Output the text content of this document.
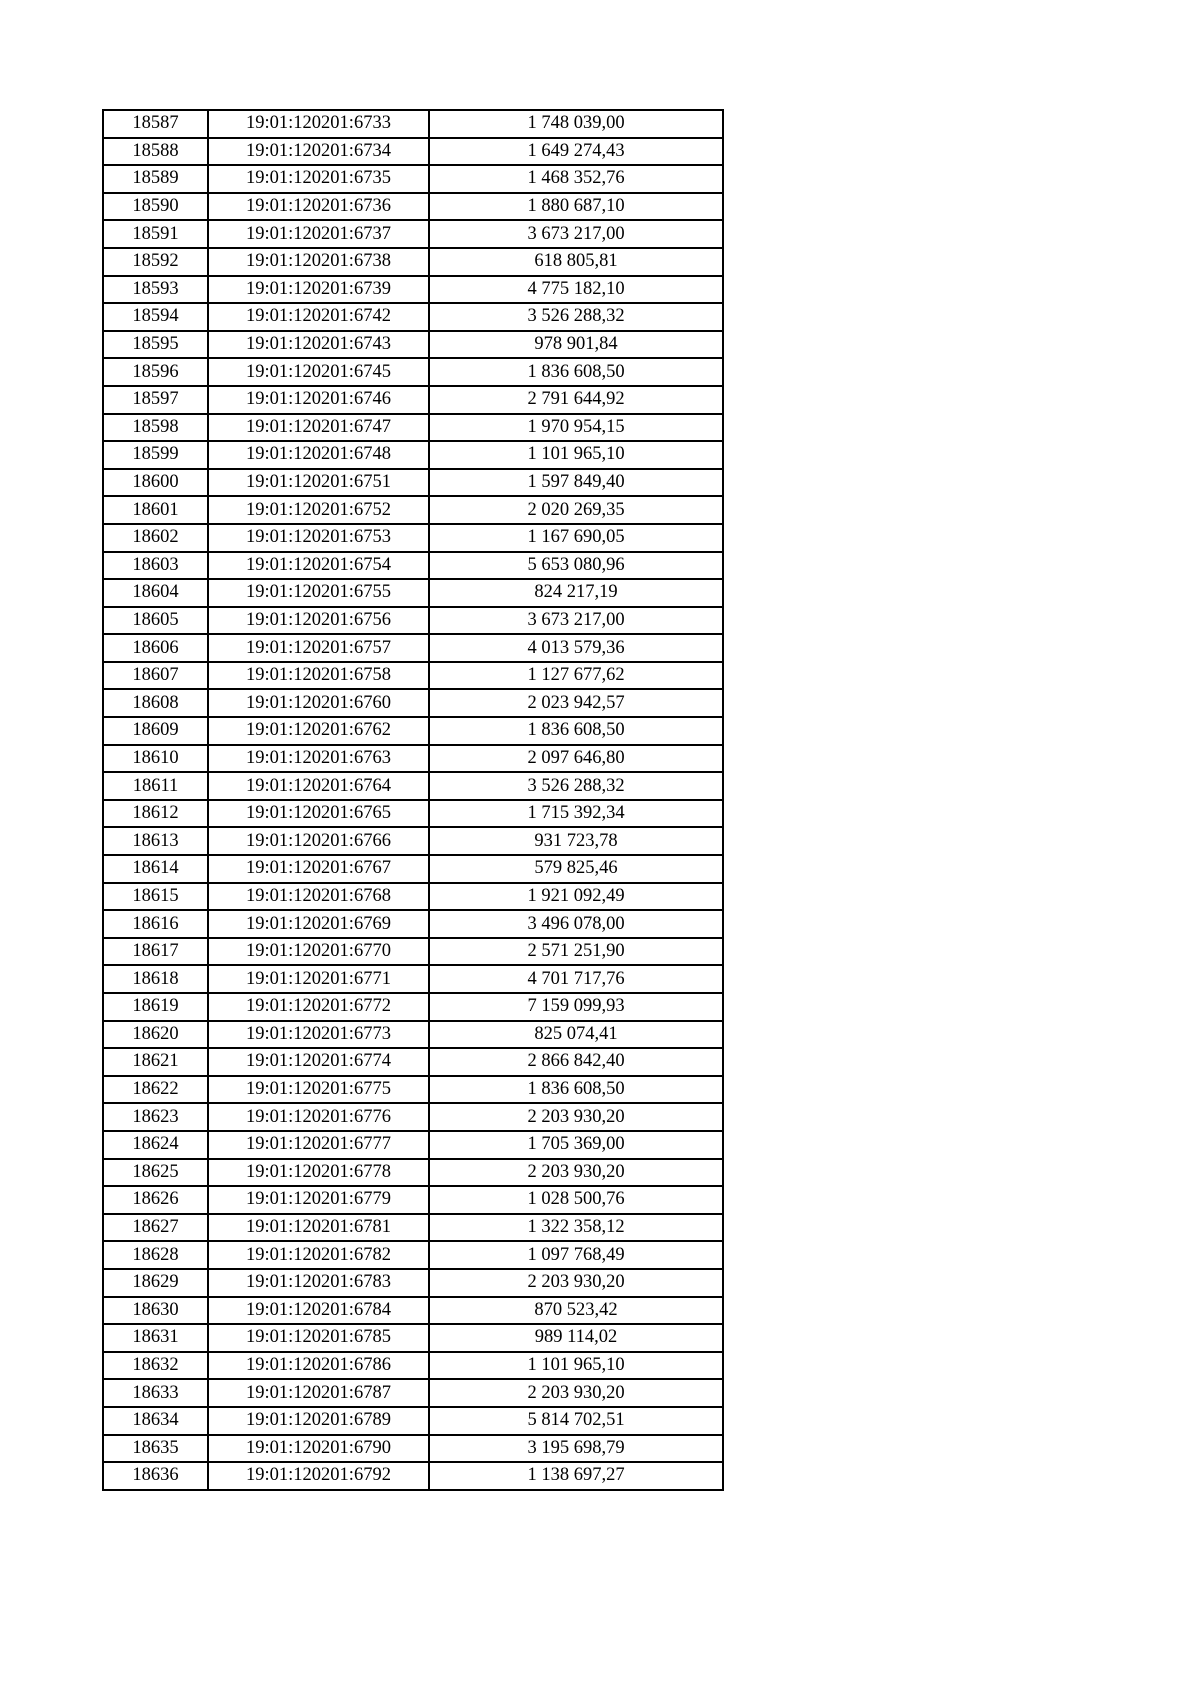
18587	19:01:120201:6733	1 748 039,00
18588	19:01:120201:6734	1 649 274,43
18589	19:01:120201:6735	1 468 352,76
18590	19:01:120201:6736	1 880 687,10
18591	19:01:120201:6737	3 673 217,00
18592	19:01:120201:6738	618 805,81
18593	19:01:120201:6739	4 775 182,10
18594	19:01:120201:6742	3 526 288,32
18595	19:01:120201:6743	978 901,84
18596	19:01:120201:6745	1 836 608,50
18597	19:01:120201:6746	2 791 644,92
18598	19:01:120201:6747	1 970 954,15
18599	19:01:120201:6748	1 101 965,10
18600	19:01:120201:6751	1 597 849,40
18601	19:01:120201:6752	2 020 269,35
18602	19:01:120201:6753	1 167 690,05
18603	19:01:120201:6754	5 653 080,96
18604	19:01:120201:6755	824 217,19
18605	19:01:120201:6756	3 673 217,00
18606	19:01:120201:6757	4 013 579,36
18607	19:01:120201:6758	1 127 677,62
18608	19:01:120201:6760	2 023 942,57
18609	19:01:120201:6762	1 836 608,50
18610	19:01:120201:6763	2 097 646,80
18611	19:01:120201:6764	3 526 288,32
18612	19:01:120201:6765	1 715 392,34
18613	19:01:120201:6766	931 723,78
18614	19:01:120201:6767	579 825,46
18615	19:01:120201:6768	1 921 092,49
18616	19:01:120201:6769	3 496 078,00
18617	19:01:120201:6770	2 571 251,90
18618	19:01:120201:6771	4 701 717,76
18619	19:01:120201:6772	7 159 099,93
18620	19:01:120201:6773	825 074,41
18621	19:01:120201:6774	2 866 842,40
18622	19:01:120201:6775	1 836 608,50
18623	19:01:120201:6776	2 203 930,20
18624	19:01:120201:6777	1 705 369,00
18625	19:01:120201:6778	2 203 930,20
18626	19:01:120201:6779	1 028 500,76
18627	19:01:120201:6781	1 322 358,12
18628	19:01:120201:6782	1 097 768,49
18629	19:01:120201:6783	2 203 930,20
18630	19:01:120201:6784	870 523,42
18631	19:01:120201:6785	989 114,02
18632	19:01:120201:6786	1 101 965,10
18633	19:01:120201:6787	2 203 930,20
18634	19:01:120201:6789	5 814 702,51
18635	19:01:120201:6790	3 195 698,79
18636	19:01:120201:6792	1 138 697,27
